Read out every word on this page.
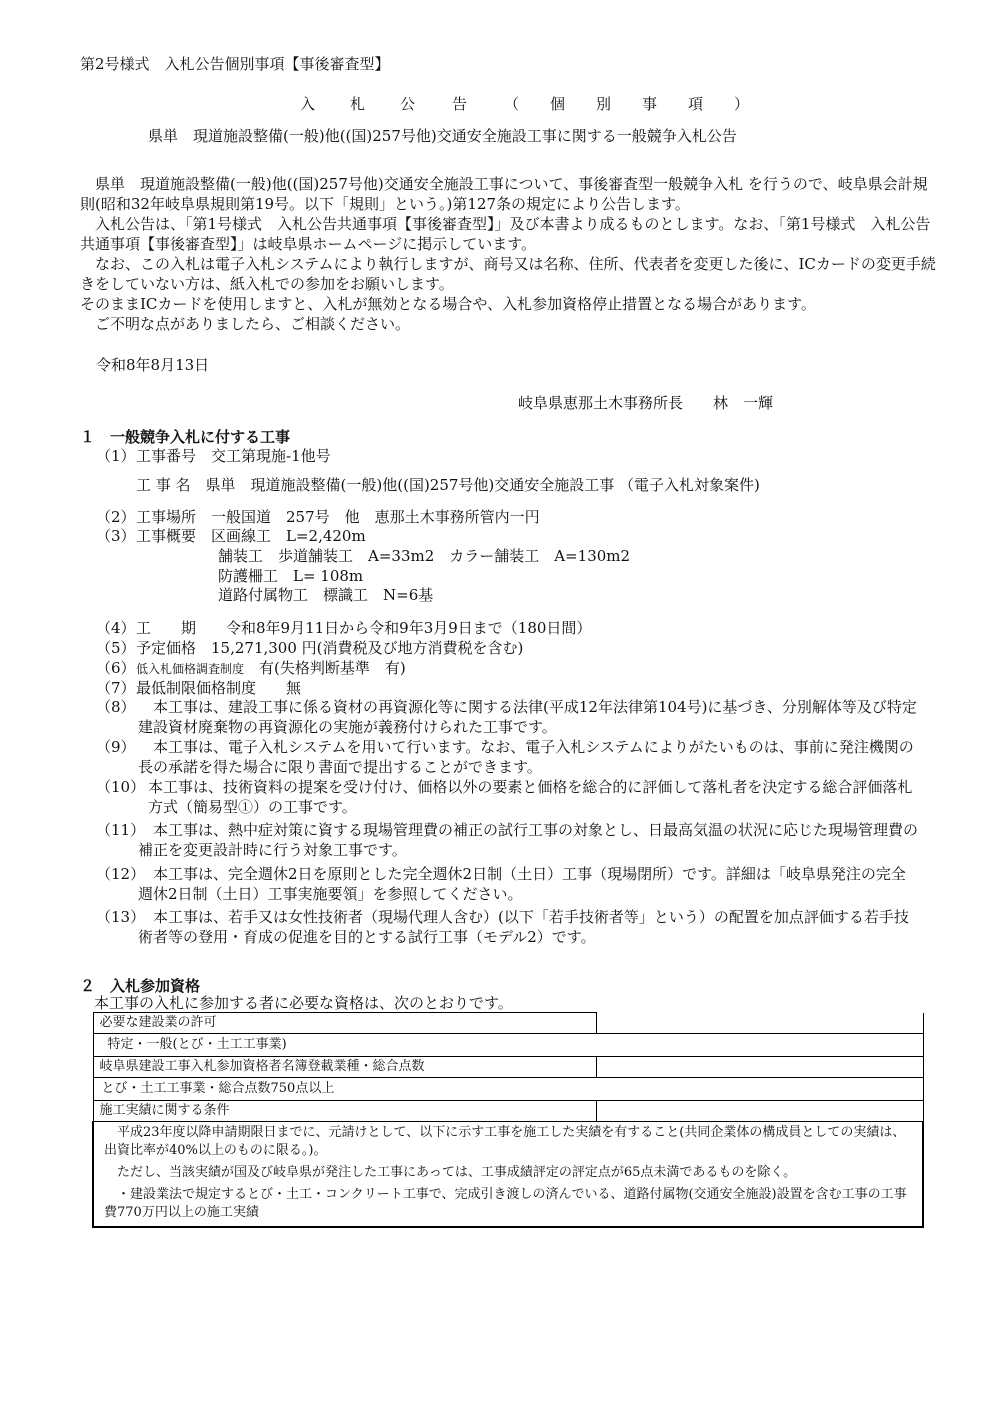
第2号様式　入札公告個別事項【事後審査型】
入 札 公 告 （ 個 別 事 項 ）
県単　現道施設整備(一般)他((国)257号他)交通安全施設工事に関する一般競争入札公告

　県単　現道施設整備(一般)他((国)257号他)交通安全施設工事について、事後審査型一般競争入札 を行うので、岐阜県会計規則(昭和32年岐阜県規則第19号。以下「規則」という。)第127条の規定により公告します。

　入札公告は、「第1号様式　入札公告共通事項【事後審査型】」及び本書より成るものとします。なお、「第1号様式　入札公告共通事項【事後審査型】」は岐阜県ホームページに掲示しています。

　なお、この入札は電子入札システムにより執行しますが、商号又は名称、住所、代表者を変更した後に、ICカードの変更手続きをしていない方は、紙入札での参加をお願いします。

そのままICカードを使用しますと、入札が無効となる場合や、入札参加資格停止措置となる場合があります。

　ご不明な点がありましたら、ご相談ください。

令和8年8月13日
岐阜県恵那土木事務所長　　林　一輝
１　一般競争入札に付する工事
（1）工事番号　交工第現施-1他号
工 事 名　県単　現道施設整備(一般)他((国)257号他)交通安全施設工事 （電子入札対象案件)
（2）工事場所　一般国道　257号　他　恵那土木事務所管内一円
（3）工事概要　区画線工　L=2,420m
舗装工　歩道舗装工　A=33m2　カラー舗装工　A=130m2
防護柵工　L= 108m
道路付属物工　標識工　N=6基
（4）工　　期　　令和8年9月11日から令和9年3月9日まで（180日間）
（5）予定価格　15,271,300 円(消費税及び地方消費税を含む)
（6）低入札価格調査制度　有(失格判断基準　有)
（7）最低制限価格制度　　無
（8） 　本工事は、建設工事に係る資材の再資源化等に関する法律(平成12年法律第104号)に基づき、分別解体等及び特定建設資材廃棄物の再資源化の実施が義務付けられた工事です。
（9） 　本工事は、電子入札システムを用いて行います。なお、電子入札システムによりがたいものは、事前に発注機関の長の承諾を得た場合に限り書面で提出することができます。
（10） 本工事は、技術資料の提案を受け付け、価格以外の要素と価格を総合的に評価して落札者を決定する総合評価落札方式（簡易型①）の工事です。
（11）
　本工事は、熱中症対策に資する現場管理費の補正の試行工事の対象とし、日最高気温の状況に応じた現場管理費の補正を変更設計時に行う対象工事です。
（12）
　本工事は、完全週休2日を原則とした完全週休2日制（土日）工事（現場閉所）です。詳細は「岐阜県発注の完全週休2日制（土日）工事実施要領」を参照してください。
（13）
　本工事は、若手又は女性技術者（現場代理人含む）(以下「若手技術者等」という）の配置を加点評価する若手技術者等の登用・育成の促進を目的とする試行工事（モデル2）です。
２　入札参加資格
本工事の入札に参加する者に必要な資格は、次のとおりです。
必要な建設業の許可	
特定・一般(とび・土工工事業)	
岐阜県建設工事入札参加資格者名簿登載業種・総合点数	
とび・土工工事業・総合点数750点以上	
施工実績に関する条件	

　平成23年度以降申請期限日までに、元請けとして、以下に示す工事を施工した実績を有すること(共同企業体の構成員としての実績は、出資比率が40%以上のものに限る。)。
　ただし、当該実績が国及び岐阜県が発注した工事にあっては、工事成績評定の評定点が65点未満であるものを除く。
　・建設業法で規定するとび・土工・コンクリート工事で、完成引き渡しの済んでいる、道路付属物(交通安全施設)設置を含む工事の工事費770万円以上の施工実績	
